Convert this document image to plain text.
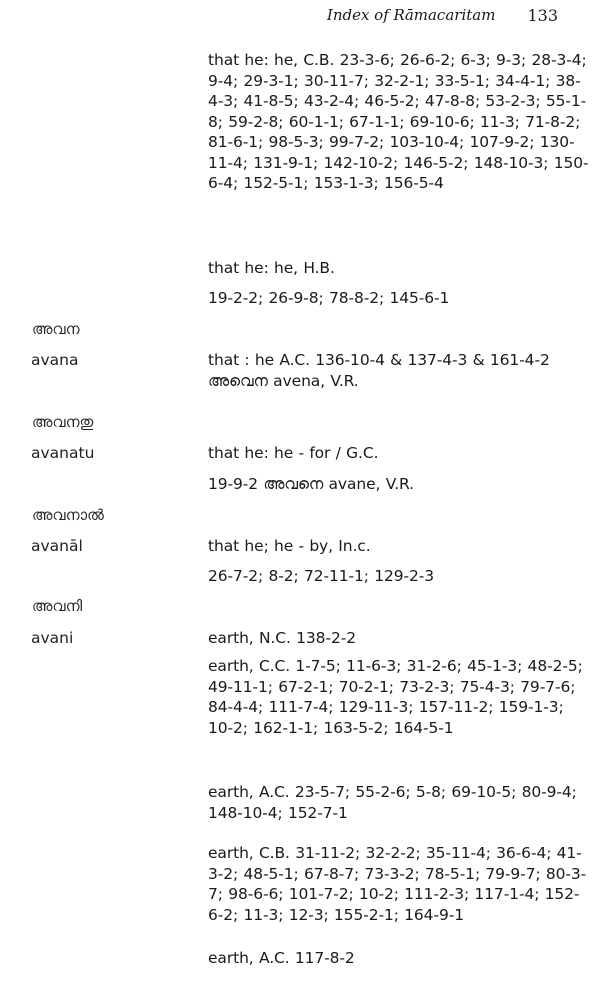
Index of Rāmacaritam 133
that he: he, C.B. 23-3-6; 26-6-2; 6-3; 9-3; 28-3-4; 9-4; 29-3-1; 30-11-7; 32-2-1; 33-5-1; 34-4-1; 38-4-3; 41-8-5; 43-2-4; 46-5-2; 47-8-8; 53-2-3; 55-1-8; 59-2-8; 60-1-1; 67-1-1; 69-10-6; 11-3; 71-8-2; 81-6-1; 98-5-3; 99-7-2; 103-10-4; 107-9-2; 130-11-4; 131-9-1; 142-10-2; 146-5-2; 148-10-3; 150-6-4; 152-5-1; 153-1-3; 156-5-4
that he: he, H.B.
19-2-2; 26-9-8; 78-8-2; 145-6-1
അവന
avana	that : he A.C. 136-10-4 & 137-4-3 & 161-4-2 അവെന avena, V.R.
അവനതു
avanatu	that he: he - for / G.C.
19-9-2 അവനെ avane, V.R.
അവനാൽ
avanāl	that he; he - by, In.c.
26-7-2; 8-2; 72-11-1; 129-2-3
അവനി
avani	earth, N.C. 138-2-2
earth, C.C. 1-7-5; 11-6-3; 31-2-6; 45-1-3; 48-2-5; 49-11-1; 67-2-1; 70-2-1; 73-2-3; 75-4-3; 79-7-6; 84-4-4; 111-7-4; 129-11-3; 157-11-2; 159-1-3; 10-2; 162-1-1; 163-5-2; 164-5-1
earth, A.C. 23-5-7; 55-2-6; 5-8; 69-10-5; 80-9-4; 148-10-4; 152-7-1
earth, C.B. 31-11-2; 32-2-2; 35-11-4; 36-6-4; 41-3-2; 48-5-1; 67-8-7; 73-3-2; 78-5-1; 79-9-7; 80-3-7; 98-6-6; 101-7-2; 10-2; 111-2-3; 117-1-4; 152-6-2; 11-3; 12-3; 155-2-1; 164-9-1
earth, A.C. 117-8-2
